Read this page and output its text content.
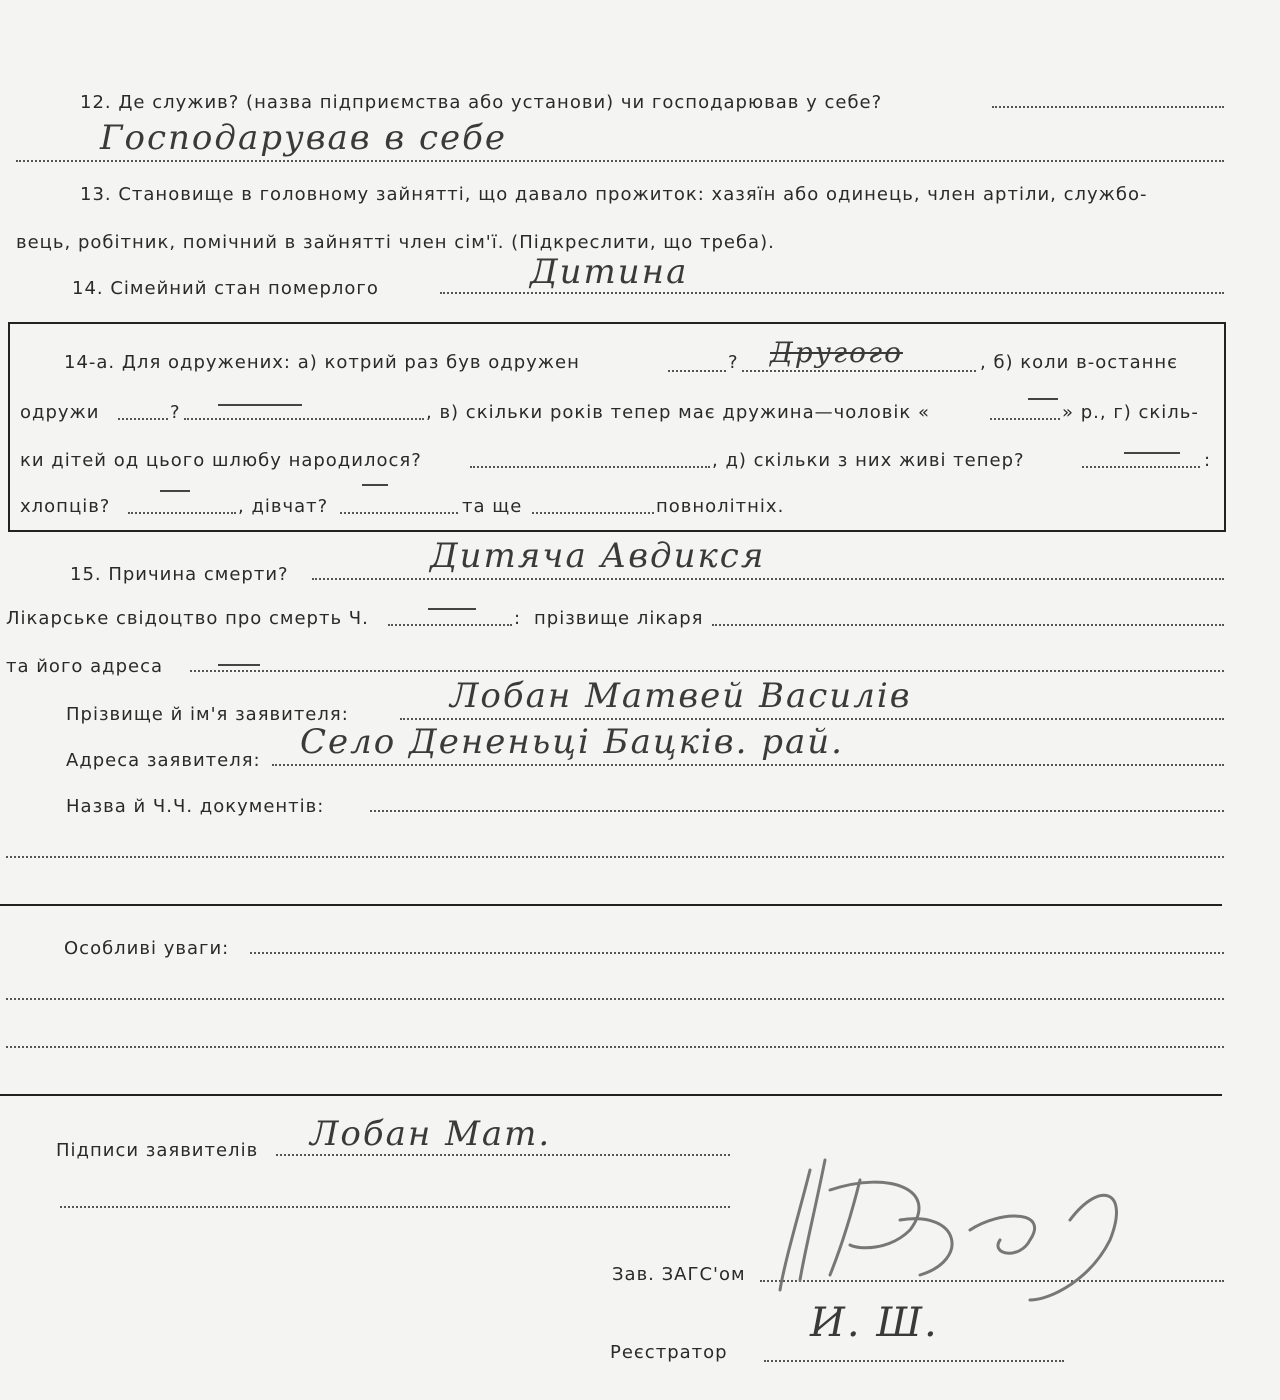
12. Де служив? (назва підприємства або установи) чи господарював у себе?
Господарував в себе
13. Становище в головному зайнятті, що давало прожиток: хазяїн або одинець, член артіли, службо-
вець, робітник, помічний в зайнятті член сім'ї. (Підкреслити, що треба).
14. Сімейний стан померлого	Дитина
14-а. Для одружених: а) котрий раз був одружен	? Другого	, б) коли в-останнє
одружи	?	, в) скільки років тепер має дружина—чоловік «	» р., г) скіль-
ки дітей од цього шлюбу народилося?	, д) скільки з них живі тепер?	:
хлопців?	, дівчат?	та ще	повнолітніх.
15. Причина смерти?	Дитяча Авдикся
Лікарське свідоцтво про смерть Ч.	: прізвище лікаря
та його адреса
Прізвище й ім'я заявителя:	Лобан Матвей Василів
Адреса заявителя: Село Дененьці Бацків. рай.
Назва й Ч.Ч. документів:
Особливі уваги:
Підписи заявителів Лобан Мат.
Зав. ЗАГС'ом
Реєстратор
И. Ш.
